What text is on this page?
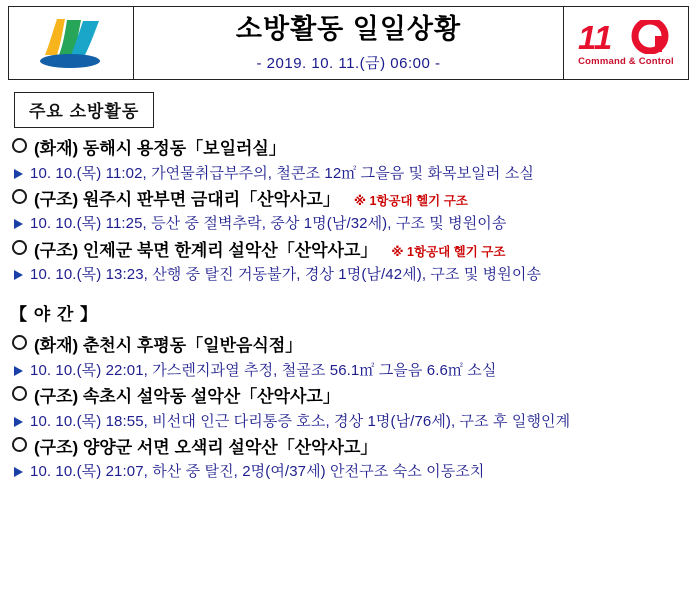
소방활동 일일상황
- 2019. 10. 11.(금) 06:00 -
11
Command & Control
주요 소방활동
(화재) 동해시 용정동「보일러실」
10. 10.(목) 11:02, 가연물취급부주의, 철콘조 12㎡ 그을음 및 화목보일러 소실
(구조) 원주시 판부면 금대리「산악사고」 ※ 1항공대 헬기 구조
10. 10.(목) 11:25, 등산 중 절벽추락, 중상 1명(남/32세), 구조 및 병원이송
(구조) 인제군 북면 한계리 설악산「산악사고」 ※ 1항공대 헬기 구조
10. 10.(목) 13:23, 산행 중 탈진 거동불가, 경상 1명(남/42세), 구조 및 병원이송
【 야 간 】
(화재) 춘천시 후평동「일반음식점」
10. 10.(목) 22:01, 가스렌지과열 추정, 철골조 56.1㎡ 그을음 6.6㎡ 소실
(구조) 속초시 설악동 설악산「산악사고」
10. 10.(목) 18:55, 비선대 인근 다리통증 호소, 경상 1명(남/76세), 구조 후 일행인계
(구조) 양양군 서면 오색리 설악산「산악사고」
10. 10.(목) 21:07, 하산 중 탈진, 2명(여/37세) 안전구조 숙소 이동조치
